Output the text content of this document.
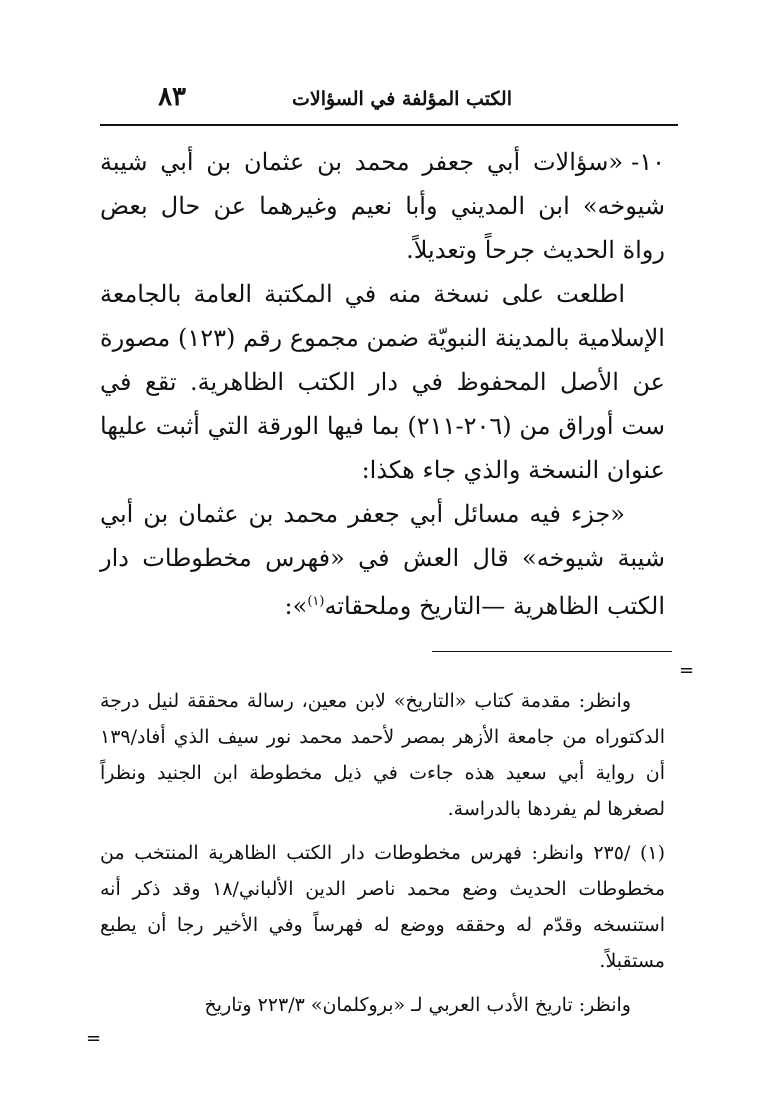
٨٣	الكتب المؤلفة في السؤالات

١٠-«سؤالات أبي جعفر محمد بن عثمان بن أبي شيبة شيوخه» ابن المديني وأبا نعيم وغيرهما عن حال بعض رواة الحديث جرحاً وتعديلاً.

اطلعت على نسخة منه في المكتبة العامة بالجامعة الإسلامية بالمدينة النبويّة ضمن مجموع رقم (١٢٣) مصورة عن الأصل المحفوظ في دار الكتب الظاهرية. تقع في ست أوراق من (٢٠٦-٢١١) بما فيها الورقة التي أثبت عليها عنوان النسخة والذي جاء هكذا:

«جزء فيه مسائل أبي جعفر محمد بن عثمان بن أبي شيبة شيوخه» قال العش في «فهرس مخطوطات دار الكتب الظاهرية —التاريخ وملحقاته$^{(١)}$»:

=

وانظر: مقدمة كتاب «التاريخ» لابن معين، رسالة محققة لنيل درجة الدكتوراه من جامعة الأزهر بمصر لأحمد محمد نور سيف الذي أفاد/١٣٩ أن رواية أبي سعيد هذه جاءت في ذيل مخطوطة ابن الجنيد ونظراً لصغرها لم يفردها بالدراسة.

(١) /٢٣٥ وانظر: فهرس مخطوطات دار الكتب الظاهرية المنتخب من مخطوطات الحديث وضع محمد ناصر الدين الألباني/١٨ وقد ذكر أنه استنسخه وقدّم له وحققه ووضع له فهرساً وفي الأخير رجا أن يطبع مستقبلاً.

وانظر: تاريخ الأدب العربي لـ «بروكلمان» ٢٢٣/٣ وتاريخ

=
